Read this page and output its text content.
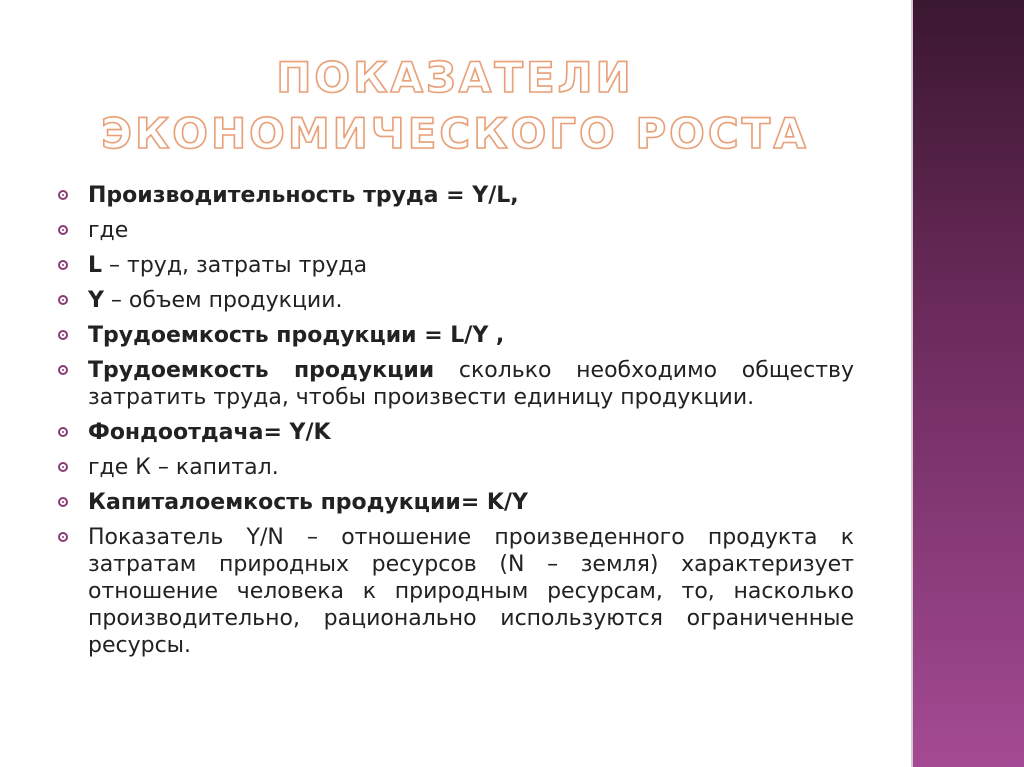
ПОКАЗАТЕЛИ ЭКОНОМИЧЕСКОГО РОСТА
Производительность труда = Y/L,
где
L – труд, затраты труда
Y – объем продукции.
Трудоемкость продукции = L/Y ,
Трудоемкость продукции сколько необходимо обществу затратить труда, чтобы произвести единицу продукции.
Фондоотдача= Y/K
где К – капитал.
Капиталоемкость продукции= K/Y
Показатель Y/N – отношение произведенного продукта к затратам природных ресурсов (N – земля) характеризует отношение человека к природным ресурсам, то, насколько производительно, рационально используются ограниченные ресурсы.
